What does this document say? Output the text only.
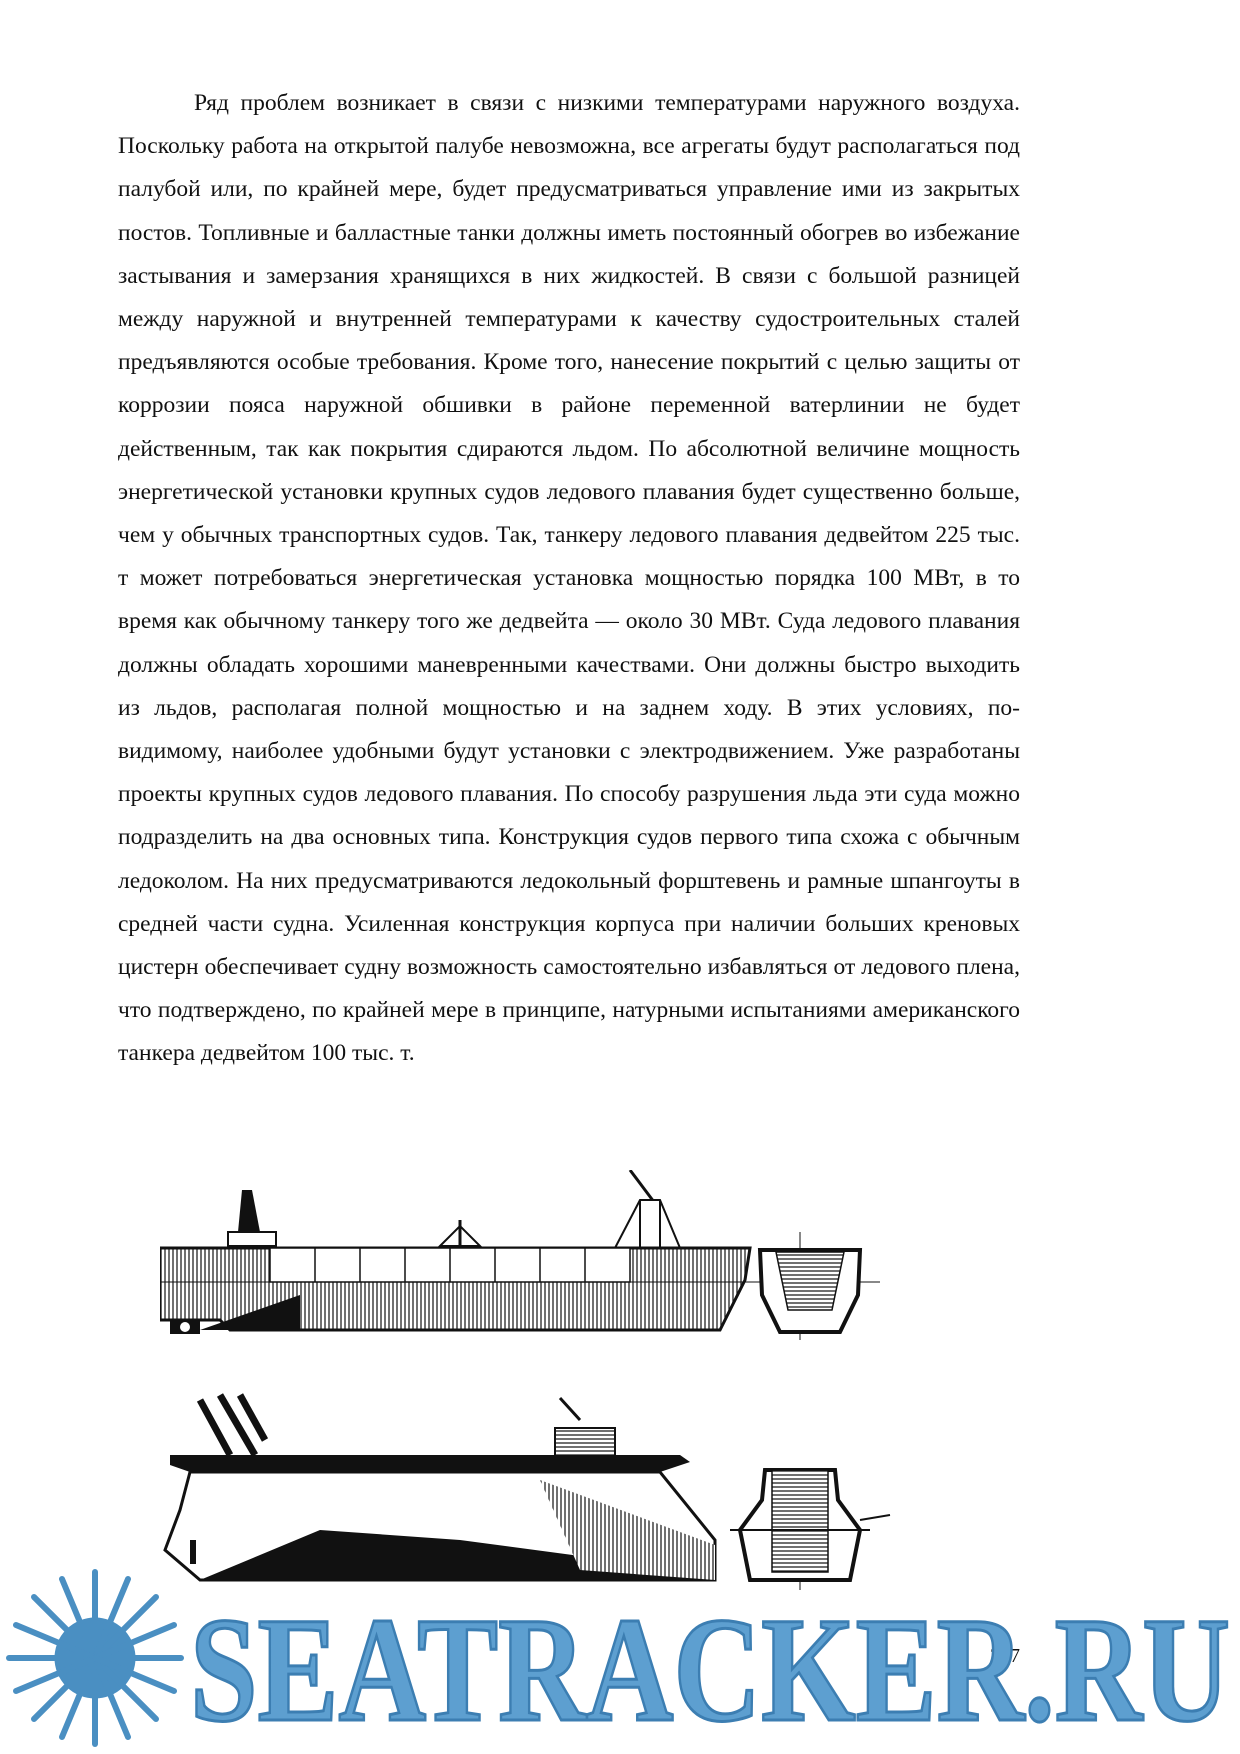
Ряд проблем возникает в связи с низкими температурами наружного воздуха. Поскольку работа на открытой палубе невозможна, все агрегаты будут располагаться под палубой или, по крайней мере, будет предусматриваться управление ими из закрытых постов. Топливные и балластные танки должны иметь постоянный обогрев во избежание застывания и замерзания хранящихся в них жидкостей. В связи с большой разницей между наружной и внутренней температурами к качеству судостроительных сталей предъявляются особые требования. Кроме того, нанесение покрытий с целью защиты от коррозии пояса наружной обшивки в районе переменной ватерлинии не будет действенным, так как покрытия сдираются льдом. По абсолютной величине мощность энергетической установки крупных судов ледового плавания будет существенно больше, чем у обычных транспортных судов. Так, танкеру ледового плавания дедвейтом 225 тыс. т может потребоваться энергетическая установка мощностью порядка 100 МВт, в то время как обычному танкеру того же дедвейта — около 30 МВт. Суда ледового плавания должны обладать хорошими маневренными качествами. Они должны быстро выходить из льдов, располагая полной мощностью и на заднем ходу. В этих условиях, по-видимому, наиболее удобными будут установки с электродвижением. Уже разработаны проекты крупных судов ледового плавания. По способу разрушения льда эти суда можно подразделить на два основных типа. Конструкция судов первого типа схожа с обычным ледоколом. На них предусматриваются ледокольный форштевень и рамные шпангоуты в средней части судна. Усиленная конструкция корпуса при наличии больших креновых цистерн обеспечивает судну возможность самостоятельно избавляться от ледового плена, что подтверждено, по крайней мере в принципе, натурными испытаниями американского танкера дедвейтом 100 тыс. т.

257
SEATRACKER.RU
